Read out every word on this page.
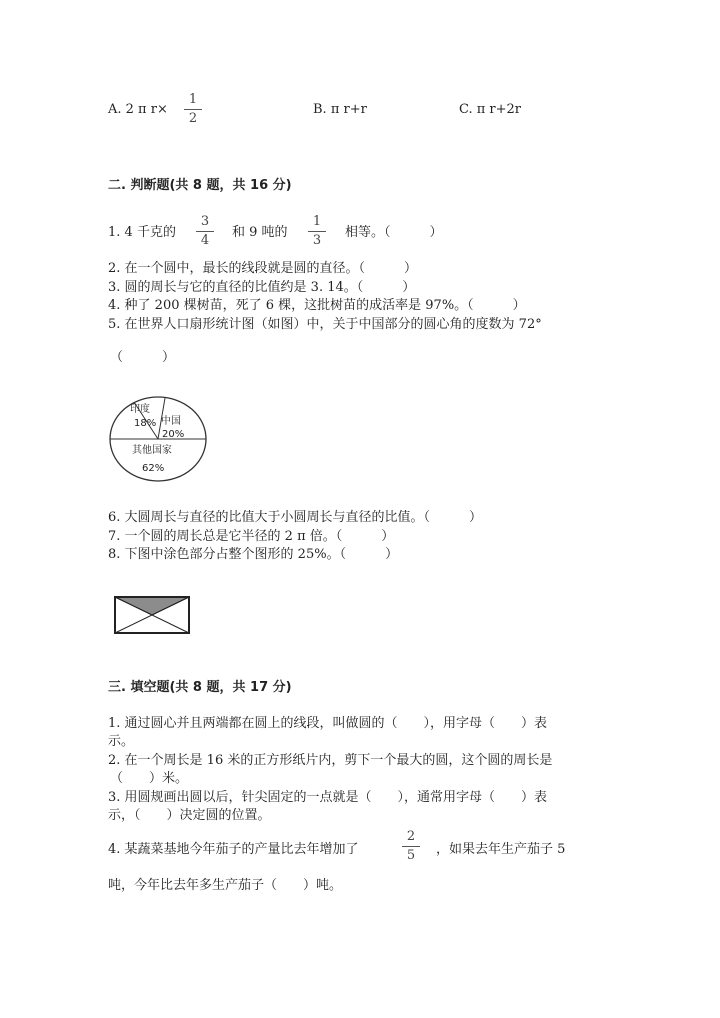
A. 2 π r×
1
2
B. π r+r	C. π r+2r
二. 判断题(共 8 题，共 16 分)
1. 4 千克的
3
4
和 9 吨的
1
3
相等。（　　　）
2. 在一个圆中，最长的线段就是圆的直径。（　　　）
3. 圆的周长与它的直径的比值约是 3. 14。（　　　）
4. 种了 200 棵树苗，死了 6 棵，这批树苗的成活率是 97%。（　　　）
5. 在世界人口扇形统计图（如图）中，关于中国部分的圆心角的度数为 72°
（　　　）
印度
18% 中国
20%
其他国家
62%
6. 大圆周长与直径的比值大于小圆周长与直径的比值。（　　　）
7. 一个圆的周长总是它半径的 2 π 倍。（　　　）
8. 下图中涂色部分占整个图形的 25%。（　　　）
三. 填空题(共 8 题，共 17 分)
1. 通过圆心并且两端都在圆上的线段，叫做圆的（　　），用字母（　　）表
示。
2. 在一个周长是 16 米的正方形纸片内，剪下一个最大的圆，这个圆的周长是
（　　）米。
3. 用圆规画出圆以后，针尖固定的一点就是（　　），通常用字母（　　）表
示，（　　）决定圆的位置。
4. 某蔬菜基地今年茄子的产量比去年增加了
2
5	，如果去年生产茄子 5
吨，今年比去年多生产茄子（　　）吨。
